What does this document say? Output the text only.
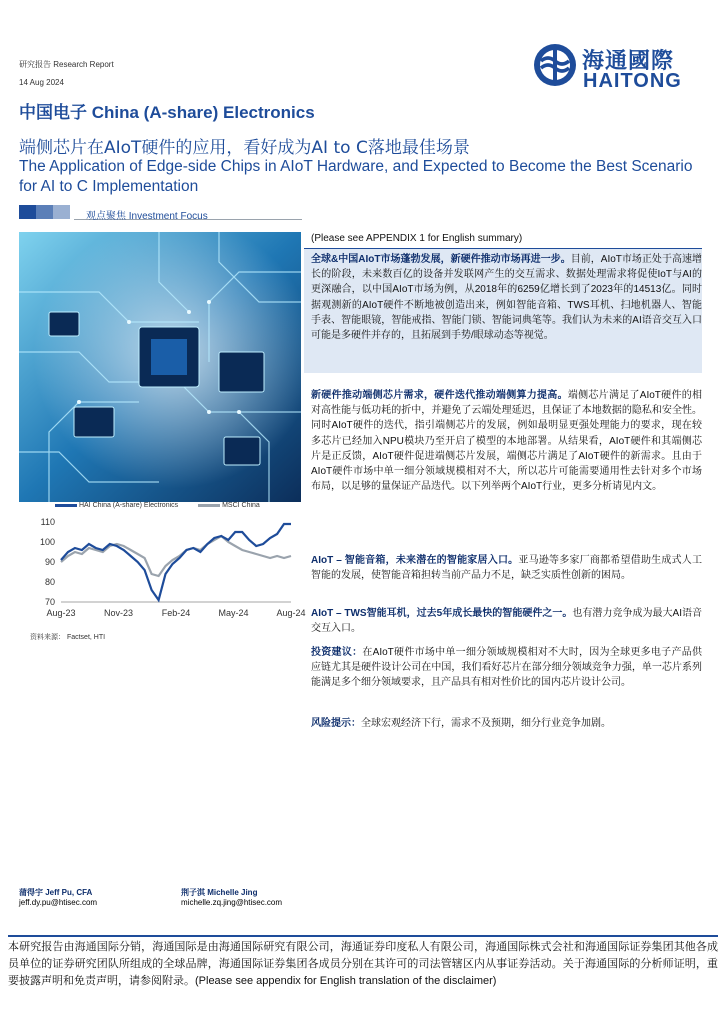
研究报告 Research Report
14 Aug 2024
海通國際
HAITONG
中国电子 China (A-share) Electronics
端侧芯片在AIoT硬件的应用，看好成为AI to C落地最佳场景
The Application of Edge-side Chips in AIoT Hardware, and Expected to Become the Best Scenario for AI to C Implementation
观点聚焦 Investment Focus
HAI China (A-share) Electronics	MSCI China
70
80
90
100
110
Aug-23	Nov-23	Feb-24	May-24	Aug-24
资料来源： Factset, HTI
(Please see APPENDIX 1 for English summary)
全球&中国AIoT市场蓬勃发展，新硬件推动市场再进一步。目前，AIoT市场正处于高速增长的阶段，未来数百亿的设备并发联网产生的交互需求、数据处理需求将促使IoT与AI的更深融合，以中国AIoT市场为例，从2018年的6259亿增长到了2023年的14513亿。同时据观测新的AIoT硬件不断地被创造出来，例如智能音箱、TWS耳机、扫地机器人、智能手表、智能眼镜，智能戒指、智能门锁、智能词典笔等。我们认为未来的AI语音交互入口可能是多硬件并存的，且拓展到手势/眼球动态等视觉。
新硬件推动端侧芯片需求，硬件迭代推动端侧算力提高。端侧芯片满足了AIoT硬件的相对高性能与低功耗的折中，并避免了云端处理延迟，且保证了本地数据的隐私和安全性。同时AIoT硬件的迭代，指引端侧芯片的发展，例如最明显更强处理能力的要求，现在较多芯片已经加入NPU模块乃至开启了模型的本地部署。从结果看，AIoT硬件和其端侧芯片是正反馈，AIoT硬件促进端侧芯片发展，端侧芯片满足了AIoT硬件的新需求。且由于AIoT硬件市场中单一细分领域规模相对不大，所以芯片可能需要通用性去针对多个市场布局，以足够的量保证产品迭代。以下列举两个AIoT行业，更多分析请见内文。
AIoT – 智能音箱，未来潜在的智能家居入口。亚马逊等多家厂商都希望借助生成式人工智能的发展，使智能音箱担转当前产品力不足，缺乏实质性创新的困局。
AIoT – TWS智能耳机，过去5年成长最快的智能硬件之一。也有潜力竞争成为最大AI语音交互入口。
投资建议：在AIoT硬件市场中单一细分领域规模相对不大时，因为全球更多电子产品供应链尤其是硬件设计公司在中国，我们看好芯片在部分细分领域竞争力强，单一芯片系列能满足多个细分领域要求，且产品具有相对性价比的国内芯片设计公司。
风险提示：全球宏观经济下行，需求不及预期，细分行业竞争加剧。
蒲得宇 Jeff Pu, CFA
jeff.dy.pu@htisec.com
荆子淇 Michelle Jing
michelle.zq.jing@htisec.com
本研究报告由海通国际分销，海通国际是由海通国际研究有限公司，海通证券印度私人有限公司，海通国际株式会社和海通国际证券集团其他各成员单位的证券研究团队所组成的全球品牌，海通国际证券集团各成员分别在其许可的司法管辖区内从事证券活动。关于海通国际的分析师证明，重要披露声明和免责声明，请参阅附录。(Please see appendix for English translation of the disclaimer)
